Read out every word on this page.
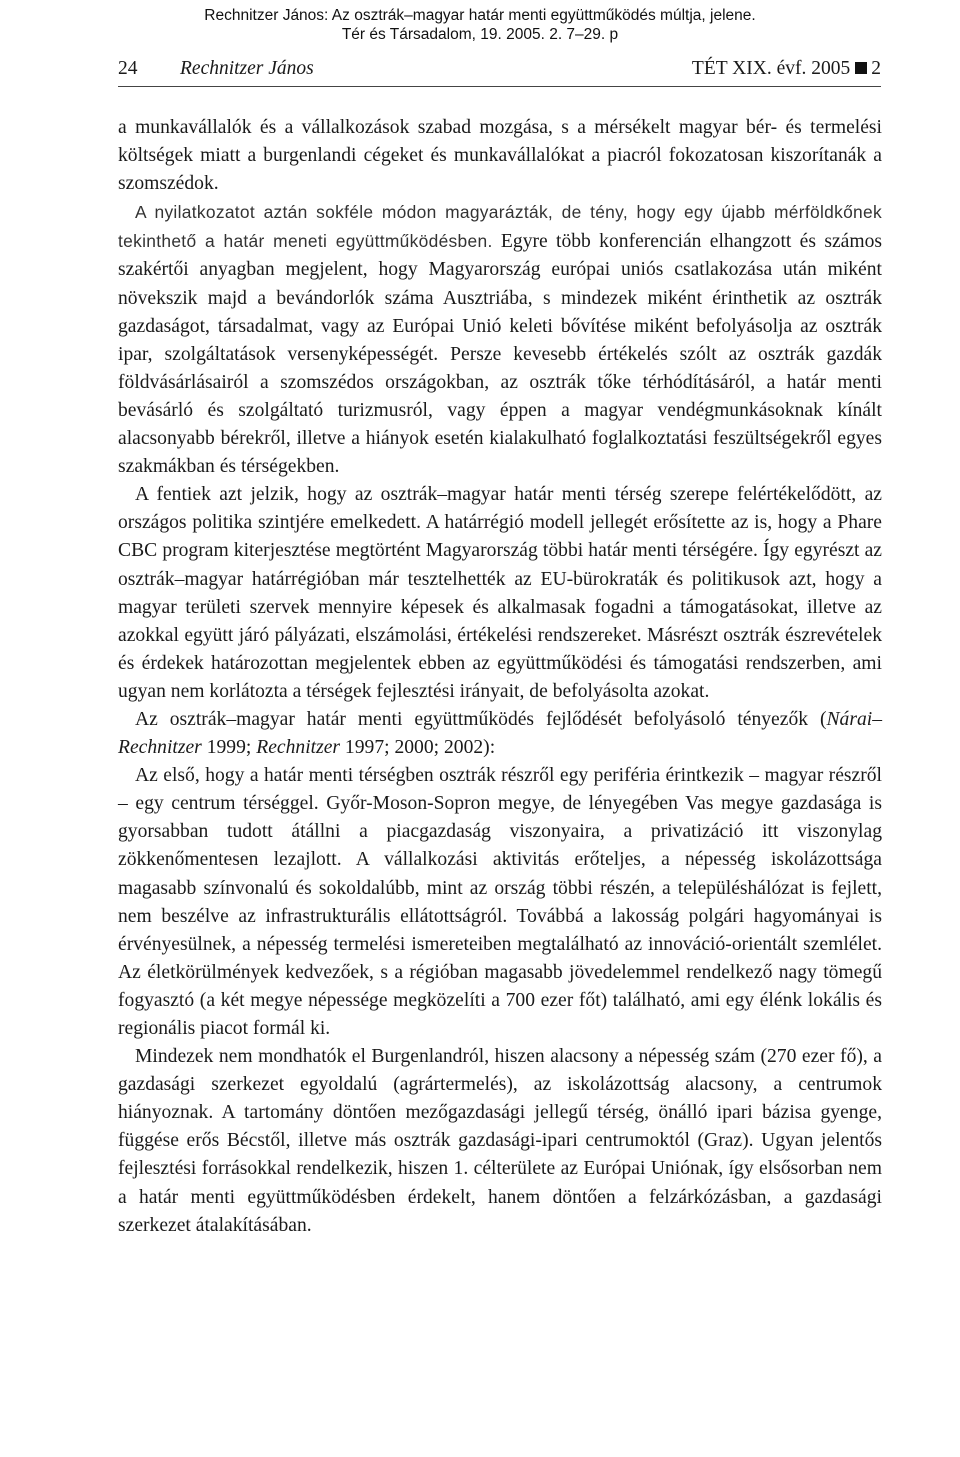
Rechnitzer János: Az osztrák–magyar határ menti együttműködés múltja, jelene.
Tér és Társadalom, 19. 2005. 2. 7–29. p
24 Rechnitzer János	TÉT XIX. évf. 2005 2

a munkavállalók és a vállalkozások szabad mozgása, s a mérsékelt magyar bér- és termelési költségek miatt a burgenlandi cégeket és munkavállalókat a piacról fokozatosan kiszorítanák a szomszédok.

A nyilatkozatot aztán sokféle módon magyarázták, de tény, hogy egy újabb mérföldkőnek tekinthető a határ meneti együttműködésben. Egyre több konferencián elhangzott és számos szakértői anyagban megjelent, hogy Magyarország európai uniós csatlakozása után miként növekszik majd a bevándorlók száma Ausztriába, s mindezek miként érinthetik az osztrák gazdaságot, társadalmat, vagy az Európai Unió keleti bővítése miként befolyásolja az osztrák ipar, szolgáltatások versenyképességét. Persze kevesebb értékelés szólt az osztrák gazdák földvásárlásairól a szomszédos országokban, az osztrák tőke térhódításáról, a határ menti bevásárló és szolgáltató turizmusról, vagy éppen a magyar vendégmunkásoknak kínált alacsonyabb bérekről, illetve a hiányok esetén kialakulható foglalkoztatási feszültségekről egyes szakmákban és térségekben.

A fentiek azt jelzik, hogy az osztrák–magyar határ menti térség szerepe felértékelődött, az országos politika szintjére emelkedett. A határrégió modell jellegét erősítette az is, hogy a Phare CBC program kiterjesztése megtörtént Magyarország többi határ menti térségére. Így egyrészt az osztrák–magyar határrégióban már tesztelhették az EU-bürokraták és politikusok azt, hogy a magyar területi szervek mennyire képesek és alkalmasak fogadni a támogatásokat, illetve az azokkal együtt járó pályázati, elszámolási, értékelési rendszereket. Másrészt osztrák észrevételek és érdekek határozottan megjelentek ebben az együttműködési és támogatási rendszerben, ami ugyan nem korlátozta a térségek fejlesztési irányait, de befolyásolta azokat.

Az osztrák–magyar határ menti együttműködés fejlődését befolyásoló tényezők (Nárai–Rechnitzer 1999; Rechnitzer 1997; 2000; 2002):

Az első, hogy a határ menti térségben osztrák részről egy periféria érintkezik – magyar részről – egy centrum térséggel. Győr-Moson-Sopron megye, de lényegében Vas megye gazdasága is gyorsabban tudott átállni a piacgazdaság viszonyaira, a privatizáció itt viszonylag zökkenőmentesen lezajlott. A vállalkozási aktivitás erőteljes, a népesség iskolázottsága magasabb színvonalú és sokoldalúbb, mint az ország többi részén, a településhálózat is fejlett, nem beszélve az infrastrukturális ellátottságról. Továbbá a lakosság polgári hagyományai is érvényesülnek, a népesség termelési ismereteiben megtalálható az innováció-orientált szemlélet. Az életkörülmények kedvezőek, s a régióban magasabb jövedelemmel rendelkező nagy tömegű fogyasztó (a két megye népessége megközelíti a 700 ezer főt) található, ami egy élénk lokális és regionális piacot formál ki.

Mindezek nem mondhatók el Burgenlandról, hiszen alacsony a népesség szám (270 ezer fő), a gazdasági szerkezet egyoldalú (agrártermelés), az iskolázottság alacsony, a centrumok hiányoznak. A tartomány döntően mezőgazdasági jellegű térség, önálló ipari bázisa gyenge, függése erős Bécstől, illetve más osztrák gazdasági-ipari centrumoktól (Graz). Ugyan jelentős fejlesztési forrásokkal rendelkezik, hiszen 1. célterülete az Európai Uniónak, így elsősorban nem a határ menti együttműködésben érdekelt, hanem döntően a felzárkózásban, a gazdasági szerkezet átalakításában.
